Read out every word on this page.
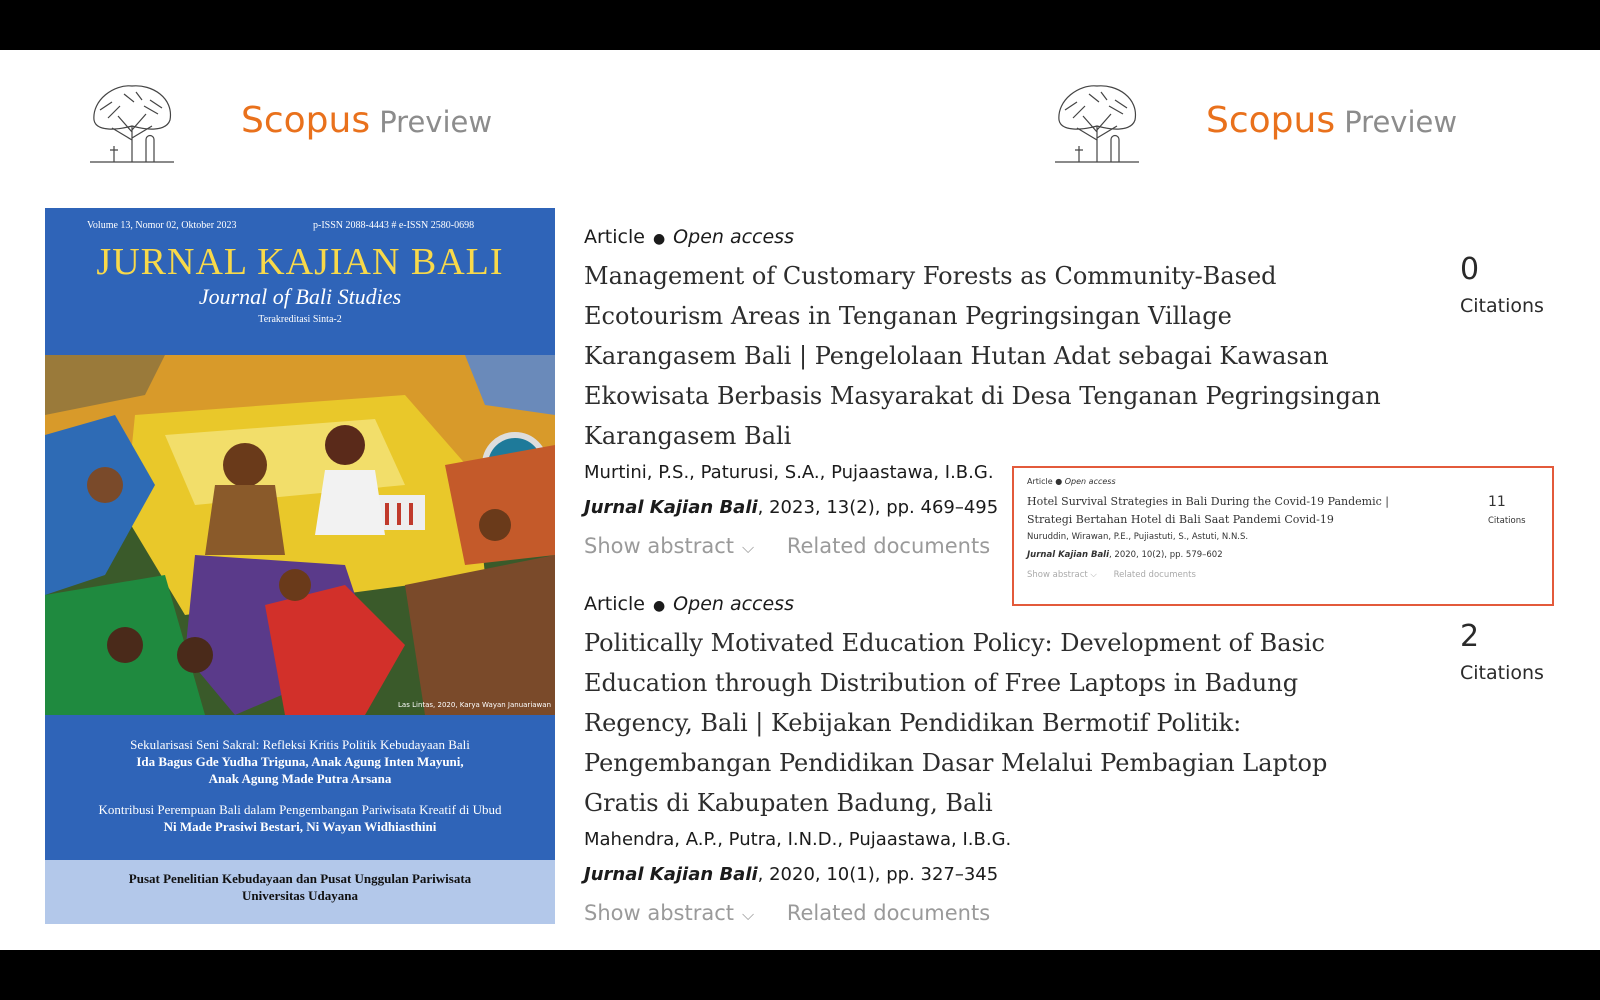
Scopus Preview	Scopus Preview
Volume 13, Nomor 02, Oktober 2023	p-ISSN 2088-4443 # e-ISSN 2580-0698
JURNAL KAJIAN BALI
Journal of Bali Studies
Terakreditasi Sinta-2
Las Lintas, 2020, Karya Wayan Januariawan
Sekularisasi Seni Sakral: Refleksi Kritis Politik Kebudayaan Bali
Ida Bagus Gde Yudha Triguna, Anak Agung Inten Mayuni,
Anak Agung Made Putra Arsana
Kontribusi Perempuan Bali dalam Pengembangan Pariwisata Kreatif di Ubud
Ni Made Prasiwi Bestari, Ni Wayan Widhiasthini
Pusat Penelitian Kebudayaan dan Pusat Unggulan Pariwisata
Universitas Udayana
Article ● Open access
Management of Customary Forests as Community-Based Ecotourism Areas in Tenganan Pegringsingan Village Karangasem Bali | Pengelolaan Hutan Adat sebagai Kawasan Ekowisata Berbasis Masyarakat di Desa Tenganan Pegringsingan Karangasem Bali
Murtini, P.S., Paturusi, S.A., Pujaastawa, I.B.G.
Jurnal Kajian Bali, 2023, 13(2), pp. 469–495
Show abstract ⌵ Related documents
0
Citations
Article ● Open access
Politically Motivated Education Policy: Development of Basic Education through Distribution of Free Laptops in Badung Regency, Bali | Kebijakan Pendidikan Bermotif Politik: Pengembangan Pendidikan Dasar Melalui Pembagian Laptop Gratis di Kabupaten Badung, Bali
Mahendra, A.P., Putra, I.N.D., Pujaastawa, I.B.G.
Jurnal Kajian Bali, 2020, 10(1), pp. 327–345
Show abstract ⌵ Related documents
2
Citations
Article ● Open access
Hotel Survival Strategies in Bali During the Covid-19 Pandemic |
Strategi Bertahan Hotel di Bali Saat Pandemi Covid-19
Nuruddin, Wirawan, P.E., Pujiastuti, S., Astuti, N.N.S.
Jurnal Kajian Bali, 2020, 10(2), pp. 579–602
Show abstract ⌵ Related documents
11
Citations
